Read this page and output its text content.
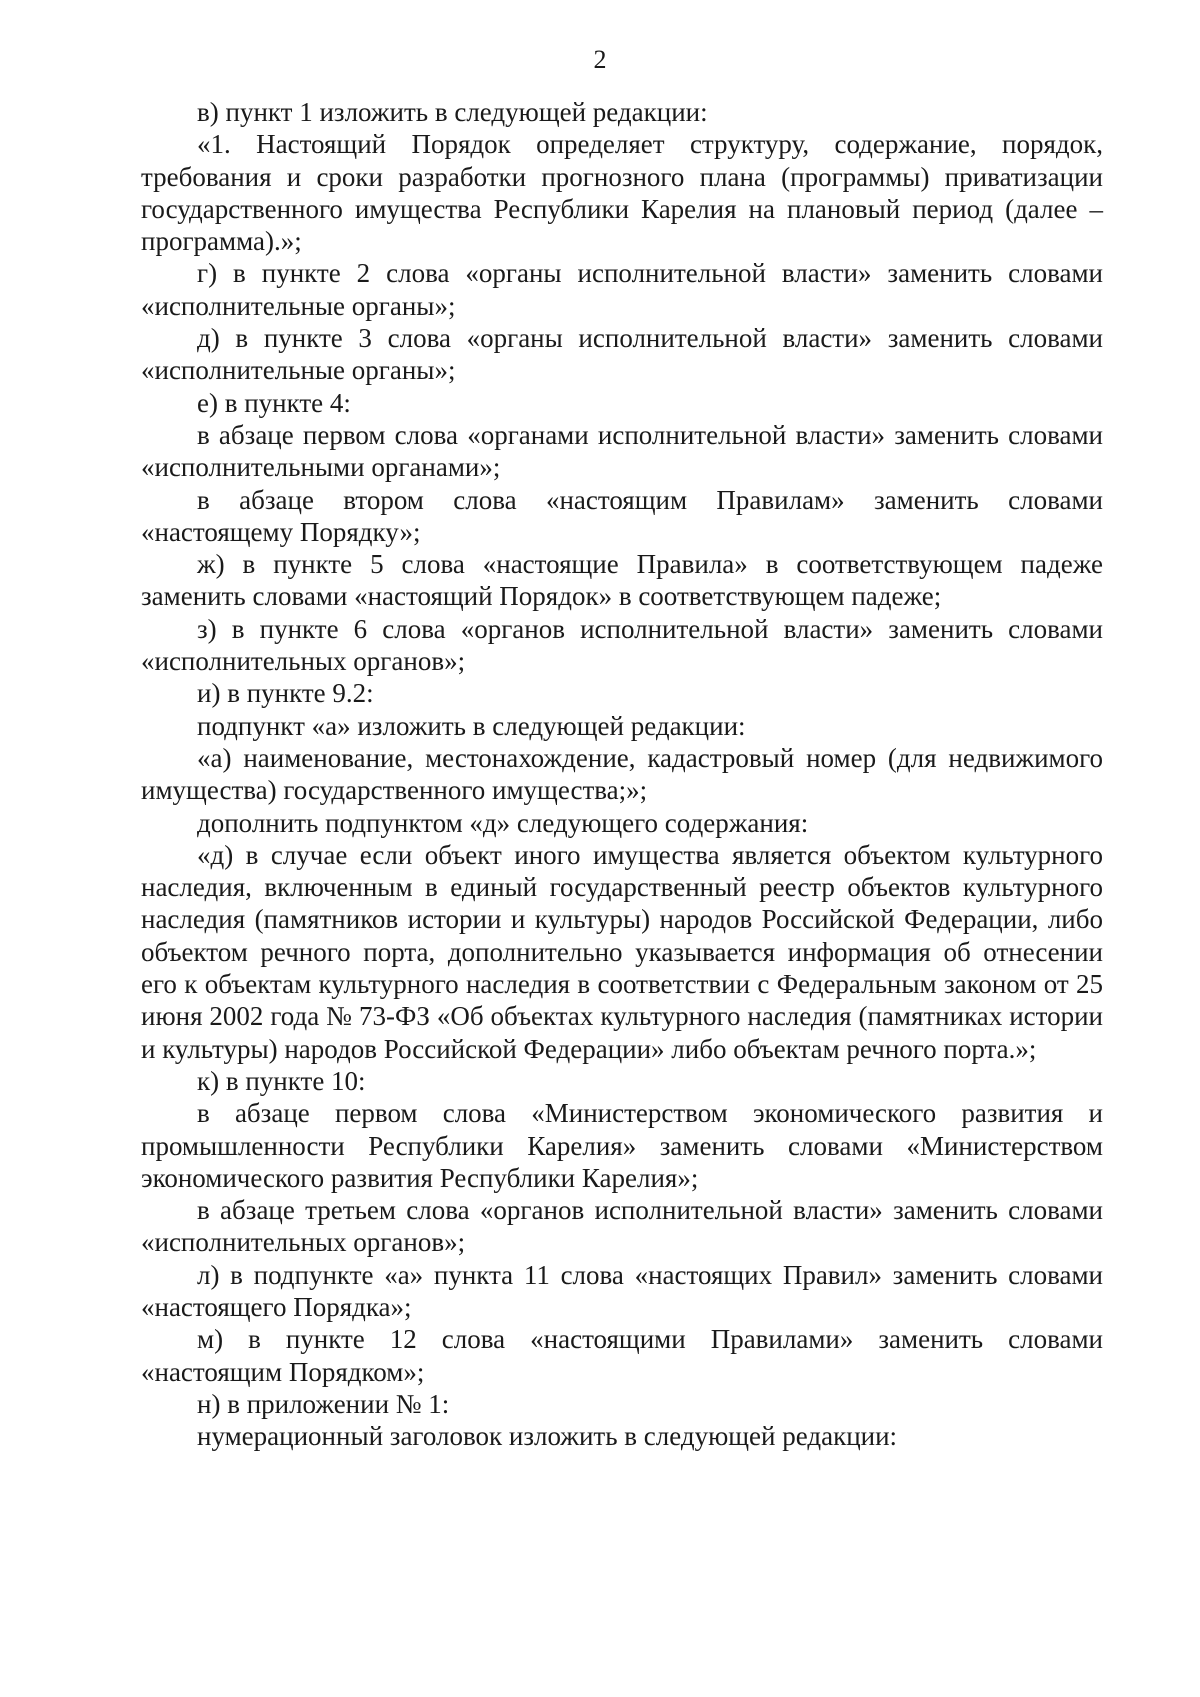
2

в) пункт 1 изложить в следующей редакции:

«1. Настоящий Порядок определяет структуру, содержание, порядок, требования и сроки разработки прогнозного плана (программы) приватизации государственного имущества Республики Карелия на плановый период (далее – программа).»;

г) в пункте 2 слова «органы исполнительной власти» заменить словами «исполнительные органы»;

д) в пункте 3 слова «органы исполнительной власти» заменить словами «исполнительные органы»;

е) в пункте 4:

в абзаце первом слова «органами исполнительной власти» заменить словами «исполнительными органами»;

в абзаце втором слова «настоящим Правилам» заменить словами «настоящему Порядку»;

ж) в пункте 5 слова «настоящие Правила» в соответствующем падеже заменить словами «настоящий Порядок» в соответствующем падеже;

з) в пункте 6 слова «органов исполнительной власти» заменить словами «исполнительных органов»;

и) в пункте 9.2:

подпункт «а» изложить в следующей редакции:

«а) наименование, местонахождение, кадастровый номер (для недвижимого имущества) государственного имущества;»;

дополнить подпунктом «д» следующего содержания:

«д) в случае если объект иного имущества является объектом культурного наследия, включенным в единый государственный реестр объектов культурного наследия (памятников истории и культуры) народов Российской Федерации, либо объектом речного порта, дополнительно указывается информация об отнесении его к объектам культурного наследия в соответствии с Федеральным законом от 25 июня 2002 года № 73-ФЗ «Об объектах культурного наследия (памятниках истории и культуры) народов Российской Федерации» либо объектам речного порта.»;

к) в пункте 10:

в абзаце первом слова «Министерством экономического развития и промышленности Республики Карелия» заменить словами «Министерством экономического развития Республики Карелия»;

в абзаце третьем слова «органов исполнительной власти» заменить словами «исполнительных органов»;

л) в подпункте «а» пункта 11 слова «настоящих Правил» заменить словами «настоящего Порядка»;

м) в пункте 12 слова «настоящими Правилами» заменить словами «настоящим Порядком»;

н) в приложении № 1:

нумерационный заголовок изложить в следующей редакции:
